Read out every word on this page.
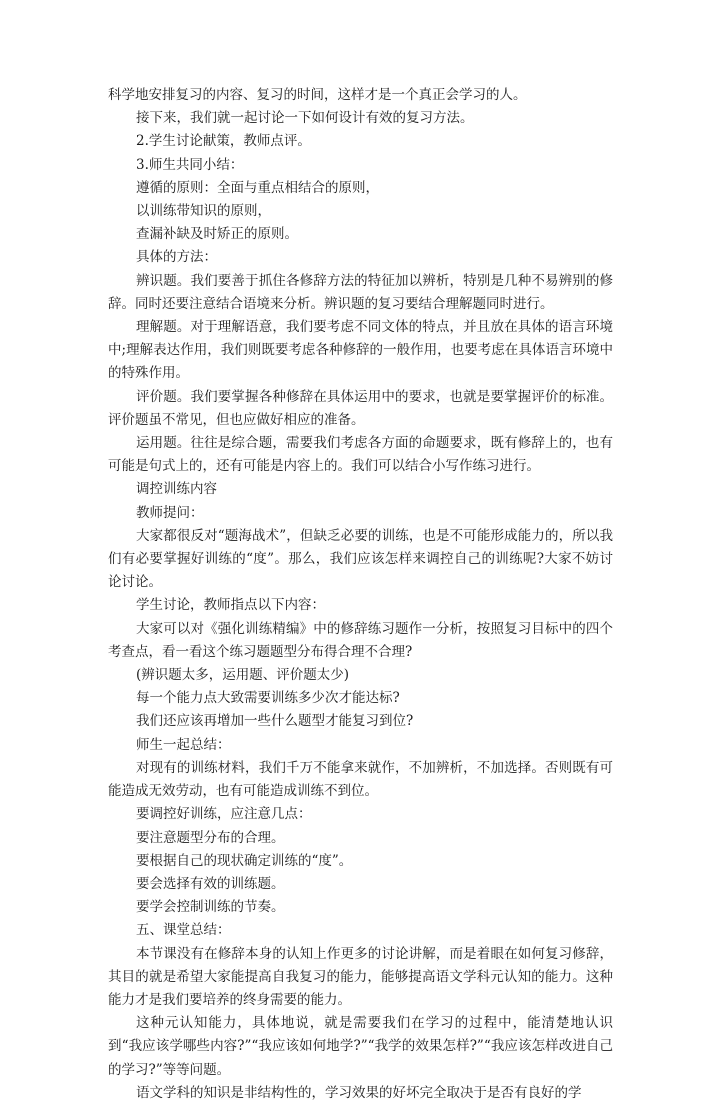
科学地安排复习的内容、复习的时间，这样才是一个真正会学习的人。

接下来，我们就一起讨论一下如何设计有效的复习方法。

2.学生讨论献策，教师点评。

3.师生共同小结：

遵循的原则：全面与重点相结合的原则，

以训练带知识的原则，

查漏补缺及时矫正的原则。

具体的方法：

辨识题。我们要善于抓住各修辞方法的特征加以辨析，特别是几种不易辨别的修辞。同时还要注意结合语境来分析。辨识题的复习要结合理解题同时进行。

理解题。对于理解语意，我们要考虑不同文体的特点，并且放在具体的语言环境中;理解表达作用，我们则既要考虑各种修辞的一般作用，也要考虑在具体语言环境中的特殊作用。

评价题。我们要掌握各种修辞在具体运用中的要求，也就是要掌握评价的标准。评价题虽不常见，但也应做好相应的准备。

运用题。往往是综合题，需要我们考虑各方面的命题要求，既有修辞上的，也有可能是句式上的，还有可能是内容上的。我们可以结合小写作练习进行。

调控训练内容

教师提问：

大家都很反对“题海战术”，但缺乏必要的训练，也是不可能形成能力的，所以我们有必要掌握好训练的“度”。那么，我们应该怎样来调控自己的训练呢?大家不妨讨论讨论。

学生讨论，教师指点以下内容：

大家可以对《强化训练精编》中的修辞练习题作一分析，按照复习目标中的四个考查点，看一看这个练习题题型分布得合理不合理?

(辨识题太多，运用题、评价题太少)

每一个能力点大致需要训练多少次才能达标?

我们还应该再增加一些什么题型才能复习到位?

师生一起总结：

对现有的训练材料，我们千万不能拿来就作，不加辨析，不加选择。否则既有可能造成无效劳动，也有可能造成训练不到位。

要调控好训练，应注意几点：

要注意题型分布的合理。

要根据自己的现状确定训练的“度”。

要会选择有效的训练题。

要学会控制训练的节奏。

五、课堂总结：

本节课没有在修辞本身的认知上作更多的讨论讲解，而是着眼在如何复习修辞，其目的就是希望大家能提高自我复习的能力，能够提高语文学科元认知的能力。这种能力才是我们要培养的终身需要的能力。

这种元认知能力，具体地说，就是需要我们在学习的过程中，能清楚地认识到“我应该学哪些内容?”“我应该如何地学?”“我学的效果怎样?”“我应该怎样改进自己的学习?”等等问题。

语文学科的知识是非结构性的，学习效果的好坏完全取决于是否有良好的学
